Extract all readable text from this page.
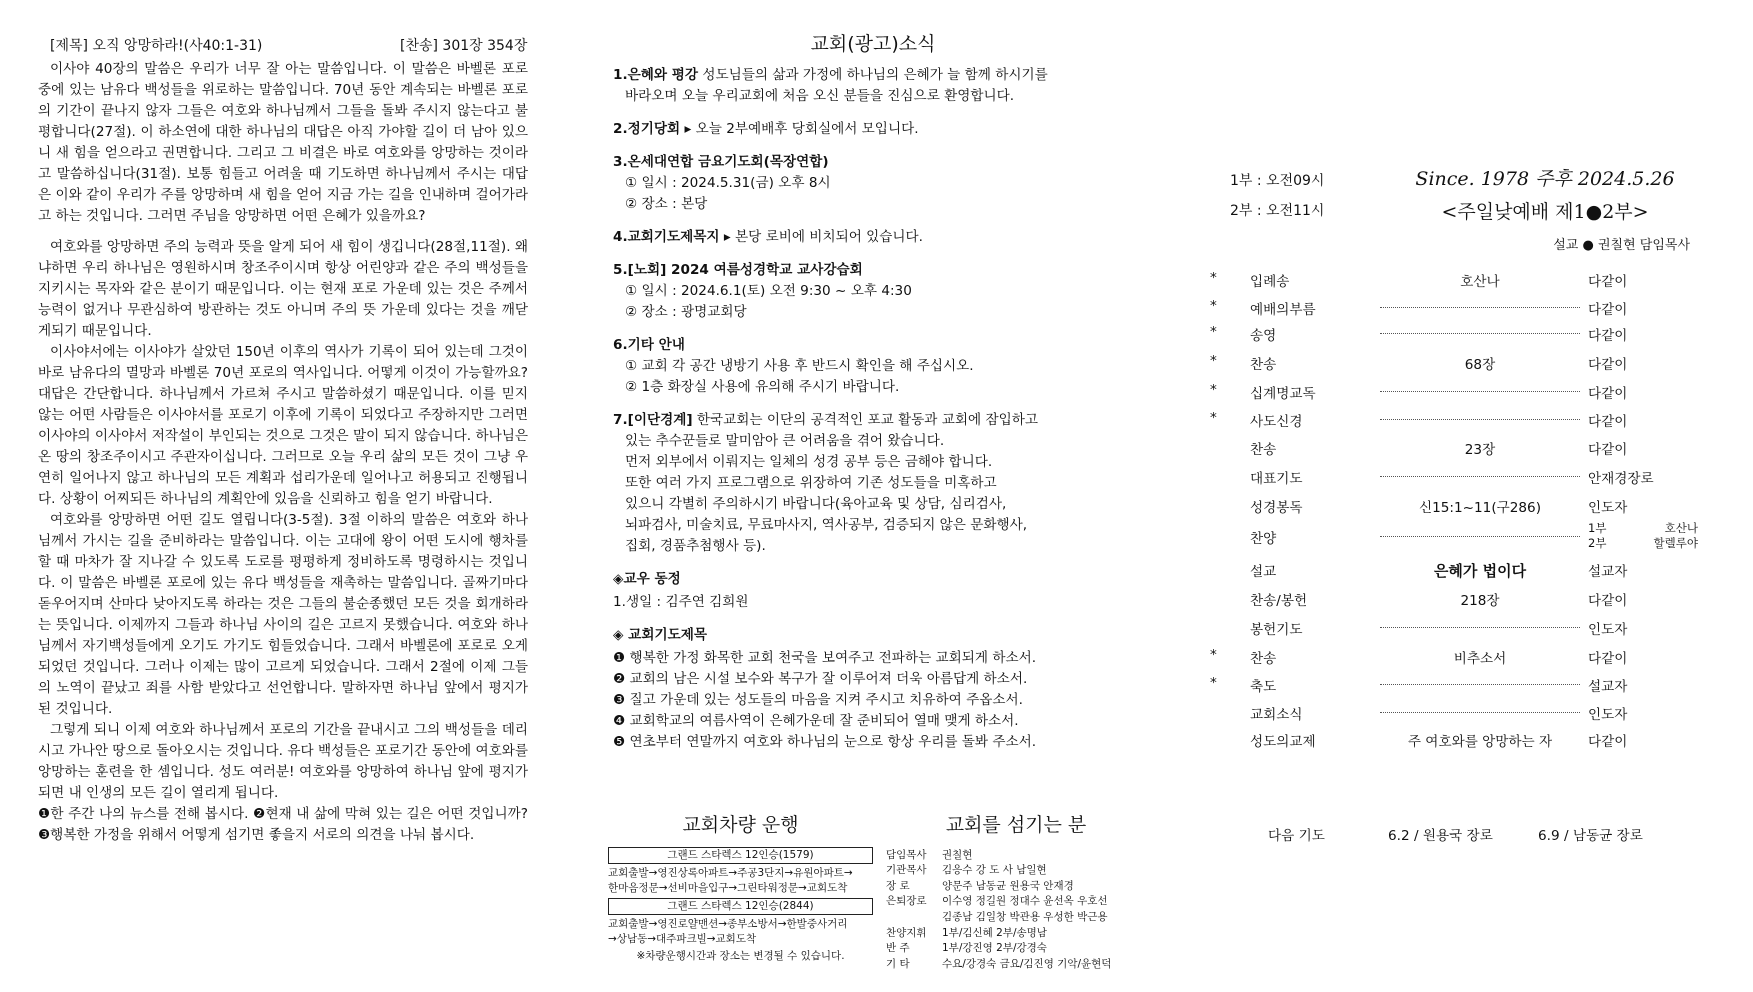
[제목] 오직 앙망하라!(사40:1-31)	[찬송] 301장 354장

이사야 40장의 말씀은 우리가 너무 잘 아는 말씀입니다. 이 말씀은 바벨론 포로 중에 있는 남유다 백성들을 위로하는 말씀입니다. 70년 동안 계속되는 바벨론 포로의 기간이 끝나지 않자 그들은 여호와 하나님께서 그들을 돌봐 주시지 않는다고 불평합니다(27절). 이 하소연에 대한 하나님의 대답은 아직 가야할 길이 더 남아 있으니 새 힘을 얻으라고 권면합니다. 그리고 그 비결은 바로 여호와를 앙망하는 것이라고 말씀하십니다(31절). 보통 힘들고 어려울 때 기도하면 하나님께서 주시는 대답은 이와 같이 우리가 주를 앙망하며 새 힘을 얻어 지금 가는 길을 인내하며 걸어가라고 하는 것입니다. 그러면 주님을 앙망하면 어떤 은혜가 있을까요?

여호와를 앙망하면 주의 능력과 뜻을 알게 되어 새 힘이 생깁니다(28절,11절). 왜냐하면 우리 하나님은 영원하시며 창조주이시며 항상 어린양과 같은 주의 백성들을 지키시는 목자와 같은 분이기 때문입니다. 이는 현재 포로 가운데 있는 것은 주께서 능력이 없거나 무관심하여 방관하는 것도 아니며 주의 뜻 가운데 있다는 것을 깨닫게되기 때문입니다.

이사야서에는 이사야가 살았던 150년 이후의 역사가 기록이 되어 있는데 그것이 바로 남유다의 멸망과 바벨론 70년 포로의 역사입니다. 어떻게 이것이 가능할까요? 대답은 간단합니다. 하나님께서 가르쳐 주시고 말씀하셨기 때문입니다. 이를 믿지 않는 어떤 사람들은 이사야서를 포로기 이후에 기록이 되었다고 주장하지만 그러면 이사야의 이사야서 저작설이 부인되는 것으로 그것은 말이 되지 않습니다. 하나님은 온 땅의 창조주이시고 주관자이십니다. 그러므로 오늘 우리 삶의 모든 것이 그냥 우연히 일어나지 않고 하나님의 모든 계획과 섭리가운데 일어나고 허용되고 진행됩니다. 상황이 어찌되든 하나님의 계획안에 있음을 신뢰하고 힘을 얻기 바랍니다.

여호와를 앙망하면 어떤 길도 열립니다(3-5절). 3절 이하의 말씀은 여호와 하나님께서 가시는 길을 준비하라는 말씀입니다. 이는 고대에 왕이 어떤 도시에 행차를 할 때 마차가 잘 지나갈 수 있도록 도로를 평평하게 정비하도록 명령하시는 것입니다. 이 말씀은 바벨론 포로에 있는 유다 백성들을 재촉하는 말씀입니다. 골짜기마다 돋우어지며 산마다 낮아지도록 하라는 것은 그들의 불순종했던 모든 것을 회개하라는 뜻입니다. 이제까지 그들과 하나님 사이의 길은 고르지 못했습니다. 여호와 하나님께서 자기백성들에게 오기도 가기도 힘들었습니다. 그래서 바벨론에 포로로 오게 되었던 것입니다. 그러나 이제는 많이 고르게 되었습니다. 그래서 2절에 이제 그들의 노역이 끝났고 죄를 사함 받았다고 선언합니다. 말하자면 하나님 앞에서 평지가 된 것입니다.

그렇게 되니 이제 여호와 하나님께서 포로의 기간을 끝내시고 그의 백성들을 데리시고 가나안 땅으로 돌아오시는 것입니다. 유다 백성들은 포로기간 동안에 여호와를 앙망하는 훈련을 한 셈입니다. 성도 여러분! 여호와를 앙망하여 하나님 앞에 평지가 되면 내 인생의 모든 길이 열리게 됩니다.

❶한 주간 나의 뉴스를 전해 봅시다. ❷현재 내 삶에 막혀 있는 길은 어떤 것입니까? ❸행복한 가정을 위해서 어떻게 섬기면 좋을지 서로의 의견을 나눠 봅시다.

교회(광고)소식
1.은혜와 평강 성도님들의 삶과 가정에 하나님의 은혜가 늘 함께 하시기를
바라오며 오늘 우리교회에 처음 오신 분들을 진심으로 환영합니다.
2.정기당회 ▸ 오늘 2부예배후 당회실에서 모입니다.
3.온세대연합 금요기도회(목장연합)
① 일시 : 2024.5.31(금) 오후 8시
② 장소 : 본당
4.교회기도제목지 ▸ 본당 로비에 비치되어 있습니다.
5.[노회] 2024 여름성경학교 교사강습회
① 일시 : 2024.6.1(토) 오전 9:30 ~ 오후 4:30
② 장소 : 광명교회당
6.기타 안내
① 교회 각 공간 냉방기 사용 후 반드시 확인을 해 주십시오.
② 1층 화장실 사용에 유의해 주시기 바랍니다.
7.[이단경계] 한국교회는 이단의 공격적인 포교 활동과 교회에 잠입하고
있는 추수꾼들로 말미암아 큰 어려움을 겪어 왔습니다.
먼저 외부에서 이뤄지는 일체의 성경 공부 등은 금해야 합니다.
또한 여러 가지 프로그램으로 위장하여 기존 성도들을 미혹하고
있으니 각별히 주의하시기 바랍니다(육아교육 및 상담, 심리검사,
뇌파검사, 미술치료, 무료마사지, 역사공부, 검증되지 않은 문화행사,
집회, 경품추첨행사 등).
◈교우 동정
1.생일 : 김주연 김희원
◈ 교회기도제목
❶ 행복한 가정 화목한 교회 천국을 보여주고 전파하는 교회되게 하소서.
❷ 교회의 남은 시설 보수와 복구가 잘 이루어져 더욱 아름답게 하소서.
❸ 질고 가운데 있는 성도들의 마음을 지켜 주시고 치유하여 주옵소서.
❹ 교회학교의 여름사역이 은혜가운데 잘 준비되어 열매 맺게 하소서.
❺ 연초부터 연말까지 여호와 하나님의 눈으로 항상 우리를 돌봐 주소서.
교회차량 운행
그랜드 스타렉스 12인승(1579)
교회출발→영진상록아파트→주공3단지→유원아파트→
한마음정문→선비마을입구→그린타워정문→교회도착
그랜드 스타렉스 12인승(2844)
교회출발→영진로얄맨션→종부소방서→한발중사거리
→상남동→대주파크빌→교회도착
※차량운행시간과 장소는 변경될 수 있습니다.
교회를 섬기는 분
담임목사	권칠현
기관목사	김응수 강 도 사 남일현
장 로	양문주 남동균 원용국 안재경
은퇴장로	이수영 정길원 정대수 윤선옥 우호선
김종남 김일창 박관용 우성한 박근용
찬양지휘	1부/김신혜 2부/송명남
반 주	1부/강진영 2부/강경숙
기 타	수요/강경숙 금요/김진영 기악/윤현덕
1부 : 오전09시
2부 : 오전11시
Since. 1978 주후 2024.5.26
<주일낮예배 제1●2부>
설교 ● 권칠현 담임목사
*	입례송	호산나	다같이
*	예배의부름	다같이
*	송영	다같이
*	찬송	68장	다같이
*	십계명교독	다같이
*	사도신경	다같이
찬송	23장	다같이
대표기도	안재경장로
성경봉독	신15:1~11(구286)	인도자
찬양
1부 호산나
2부 할렐루야
설교	은혜가 법이다	설교자
찬송/봉헌	218장	다같이
봉헌기도	인도자
*	찬송	비추소서	다같이
*	축도	설교자
교회소식	인도자
성도의교제	주 여호와를 앙망하는 자	다같이
다음 기도	6.2 / 원용국 장로	6.9 / 남동균 장로
